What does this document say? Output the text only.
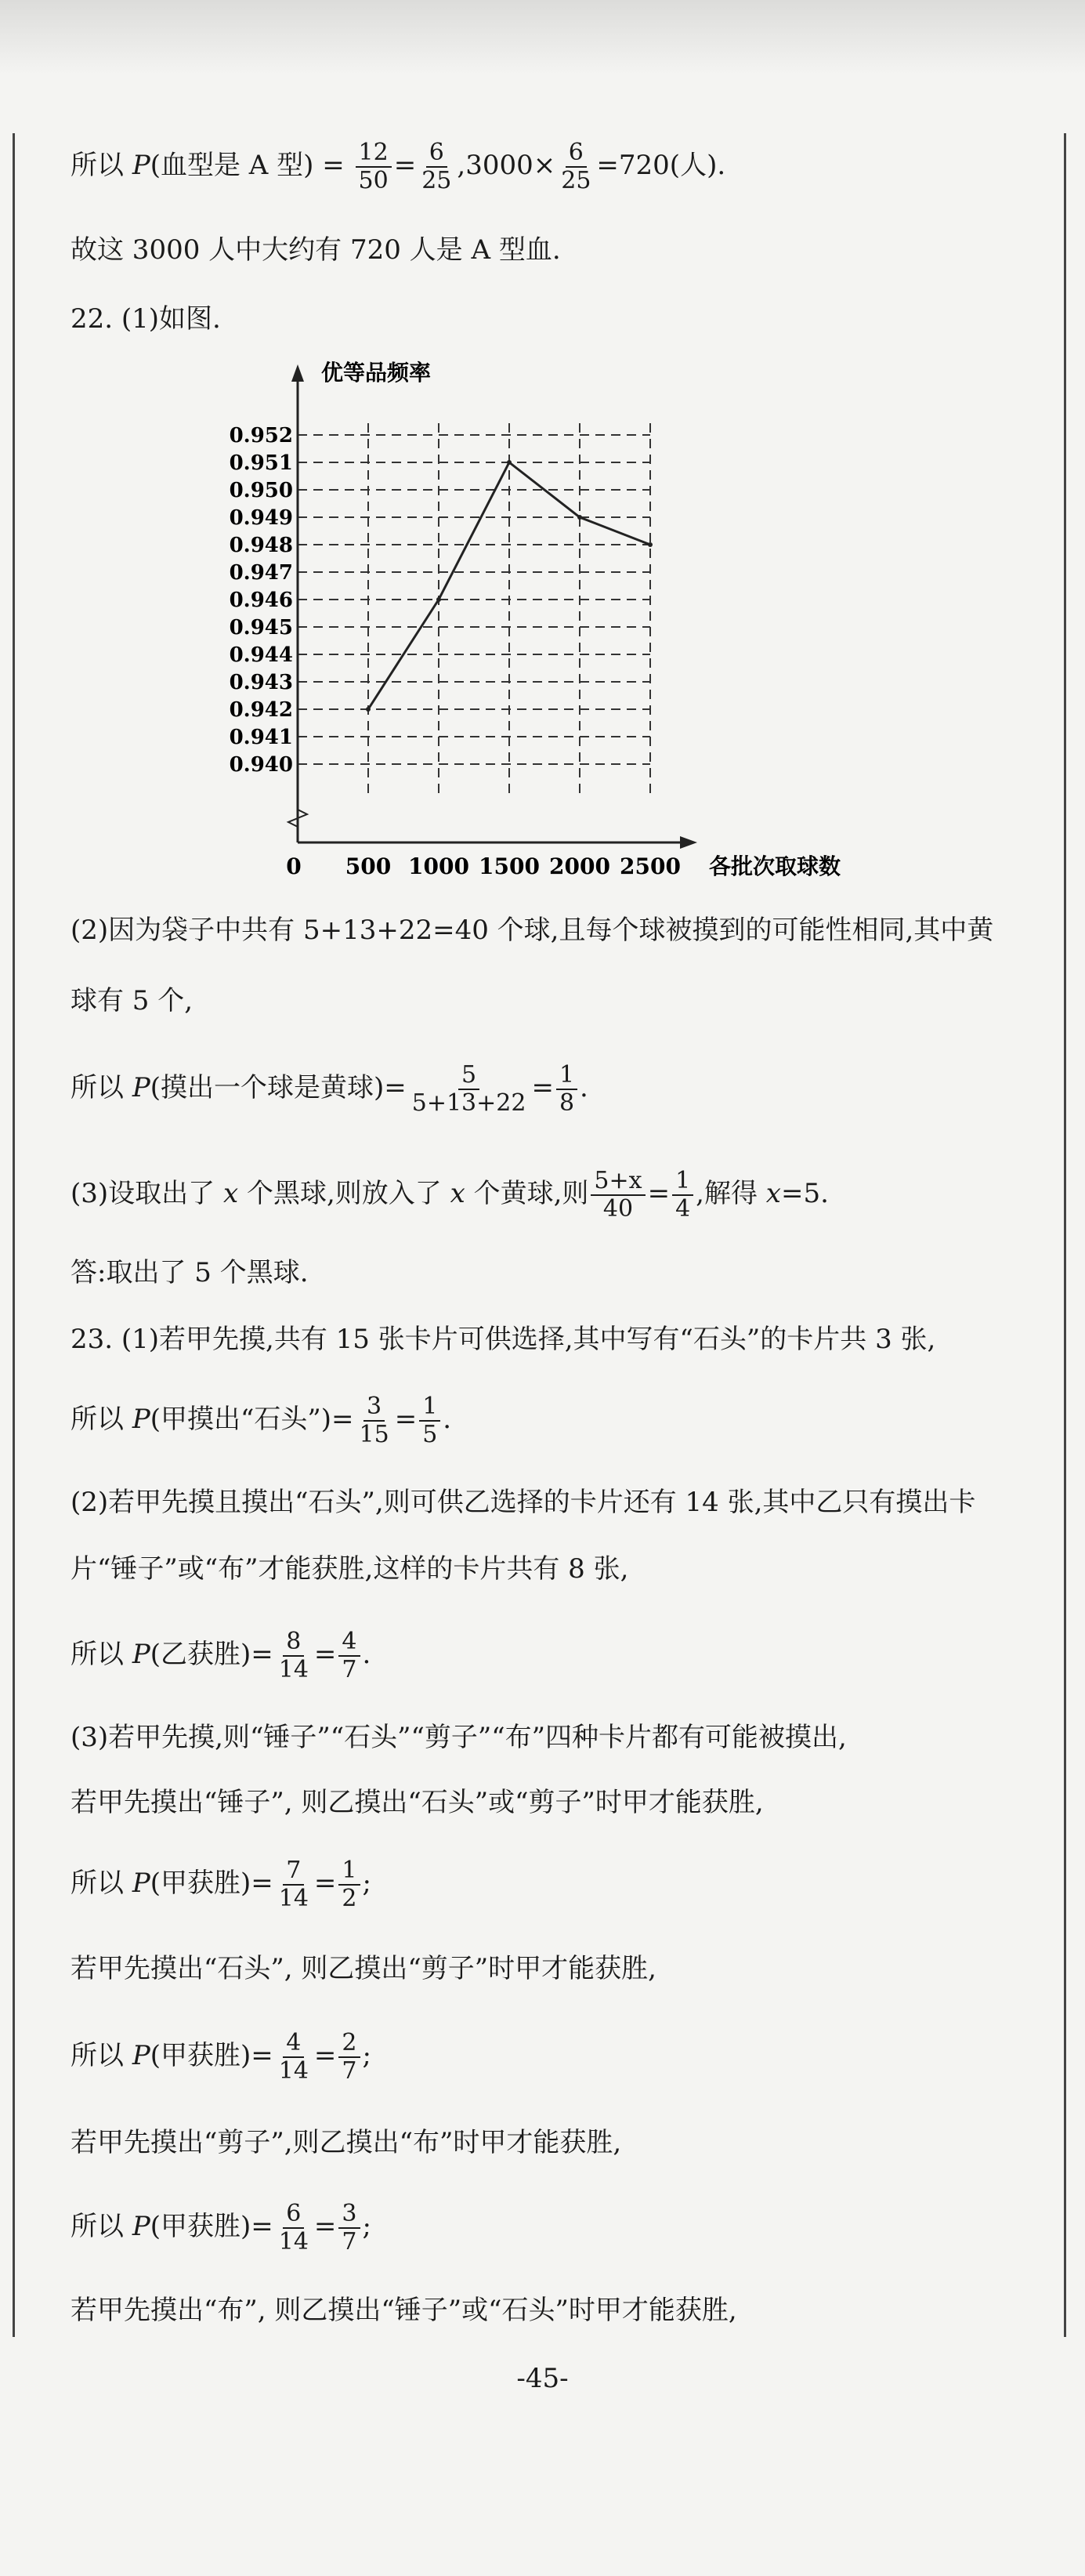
所以 P(血型是 A 型) = $\frac{12}{50} = \frac{6}{25} ,3000\times \frac{6}{25} =720$(人).
故这 3000 人中大约有 720 人是 A 型血.
22. (1)如图.
0.940
0.941
0.942
0.943
0.944
0.945
0.946
0.947
0.948
0.949
0.950
0.951
0.952
500 1000 1500 2000 2500
优等品频率
各批次取球数
0
(2)因为袋子中共有 5+13+22=40 个球,且每个球被摸到的可能性相同,其中黄
球有 5 个,
所以 P(摸出一个球是黄球)= $\frac{5}{5+13+22} = \frac{1}{8}$ .
(3)设取出了 x 个黑球,则放入了 x 个黄球,则 $\frac{5+x}{40} = \frac{1}{4}$ ,解得 x=5.
答:取出了 5 个黑球.
23. (1)若甲先摸,共有 15 张卡片可供选择,其中写有“石头”的卡片共 3 张,
所以 P(甲摸出“石头”)= $\frac{3}{15} = \frac{1}{5}$ .
(2)若甲先摸且摸出“石头”,则可供乙选择的卡片还有 14 张,其中乙只有摸出卡
片“锤子”或“布”才能获胜,这样的卡片共有 8 张,
所以 P(乙获胜)= $\frac{8}{14} = \frac{4}{7}$ .
(3)若甲先摸,则“锤子”“石头”“剪子”“布”四种卡片都有可能被摸出,
若甲先摸出“锤子”, 则乙摸出“石头”或“剪子”时甲才能获胜,
所以 P(甲获胜)= $\frac{7}{14} = \frac{1}{2}$ ;
若甲先摸出“石头”, 则乙摸出“剪子”时甲才能获胜,
所以 P(甲获胜)= $\frac{4}{14} = \frac{2}{7}$ ;
若甲先摸出“剪子”,则乙摸出“布”时甲才能获胜,
所以 P(甲获胜)= $\frac{6}{14} = \frac{3}{7}$ ;
若甲先摸出“布”, 则乙摸出“锤子”或“石头”时甲才能获胜,
-45-
